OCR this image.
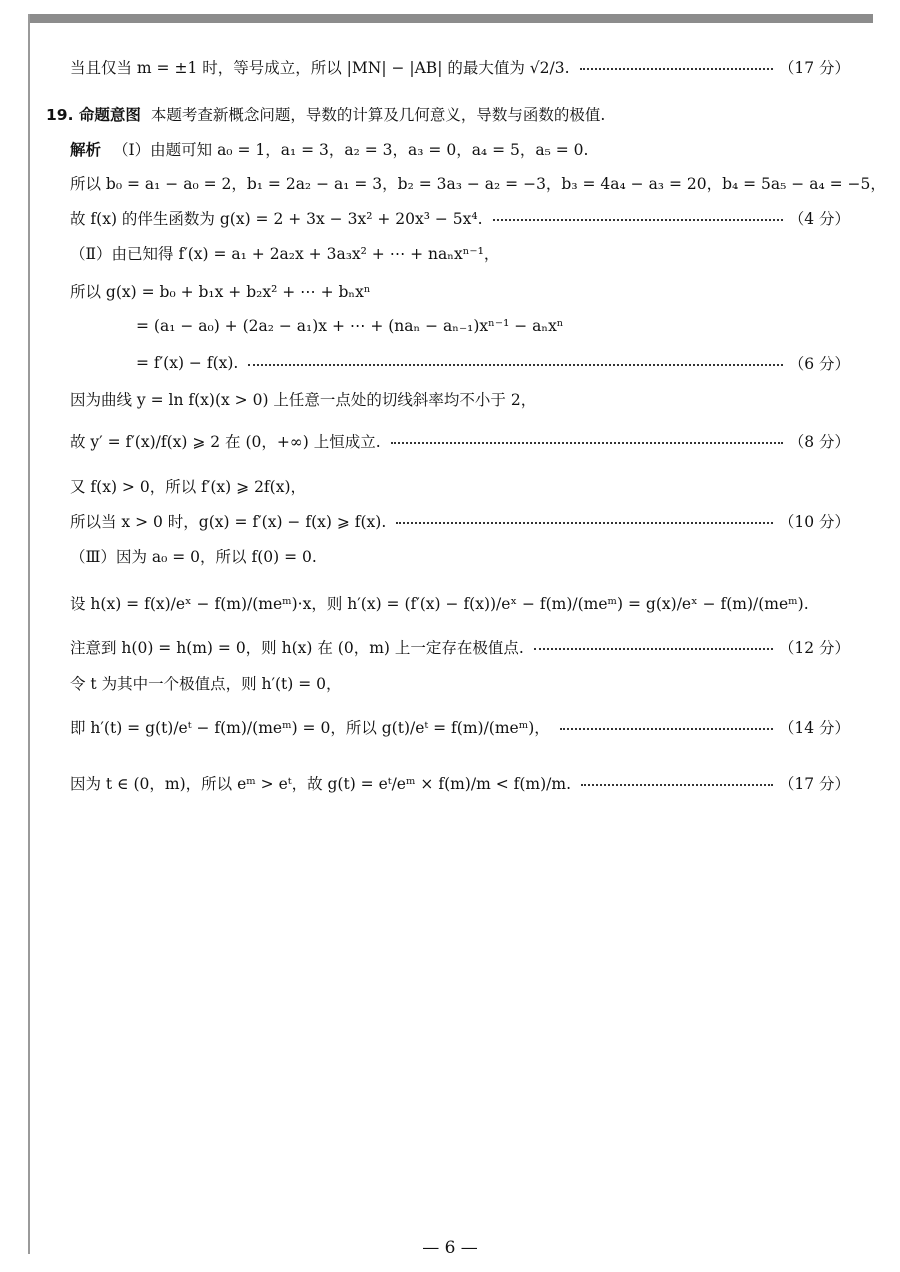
当且仅当 m = ±1 时，等号成立，所以 |MN| − |AB| 的最大值为 √2/3.	（17 分）
19. 命题意图 本题考查新概念问题，导数的计算及几何意义，导数与函数的极值.
解析 （Ⅰ）由题可知 a₀ = 1，a₁ = 3，a₂ = 3，a₃ = 0，a₄ = 5，a₅ = 0.
所以 b₀ = a₁ − a₀ = 2，b₁ = 2a₂ − a₁ = 3，b₂ = 3a₃ − a₂ = −3，b₃ = 4a₄ − a₃ = 20，b₄ = 5a₅ − a₄ = −5，
故 f(x) 的伴生函数为 g(x) = 2 + 3x − 3x² + 20x³ − 5x⁴.	（4 分）
（Ⅱ）由已知得 f′(x) = a₁ + 2a₂x + 3a₃x² + ⋯ + naₙxⁿ⁻¹，
所以 g(x) = b₀ + b₁x + b₂x² + ⋯ + bₙxⁿ
= (a₁ − a₀) + (2a₂ − a₁)x + ⋯ + (naₙ − aₙ₋₁)xⁿ⁻¹ − aₙxⁿ
= f′(x) − f(x).	（6 分）
因为曲线 y = ln f(x)(x > 0) 上任意一点处的切线斜率均不小于 2，
故 y′ = f′(x)/f(x) ⩾ 2 在 (0，+∞) 上恒成立.	（8 分）
又 f(x) > 0，所以 f′(x) ⩾ 2f(x)，
所以当 x > 0 时，g(x) = f′(x) − f(x) ⩾ f(x).	（10 分）
（Ⅲ）因为 a₀ = 0，所以 f(0) = 0.
设 h(x) = f(x)/eˣ − f(m)/(meᵐ)·x，则 h′(x) = (f′(x) − f(x))/eˣ − f(m)/(meᵐ) = g(x)/eˣ − f(m)/(meᵐ).
注意到 h(0) = h(m) = 0，则 h(x) 在 (0，m) 上一定存在极值点.	（12 分）
令 t 为其中一个极值点，则 h′(t) = 0，
即 h′(t) = g(t)/eᵗ − f(m)/(meᵐ) = 0，所以 g(t)/eᵗ = f(m)/(meᵐ)，	（14 分）
因为 t ∈ (0，m)，所以 eᵐ > eᵗ，故 g(t) = eᵗ/eᵐ × f(m)/m < f(m)/m.	（17 分）
— 6 —
